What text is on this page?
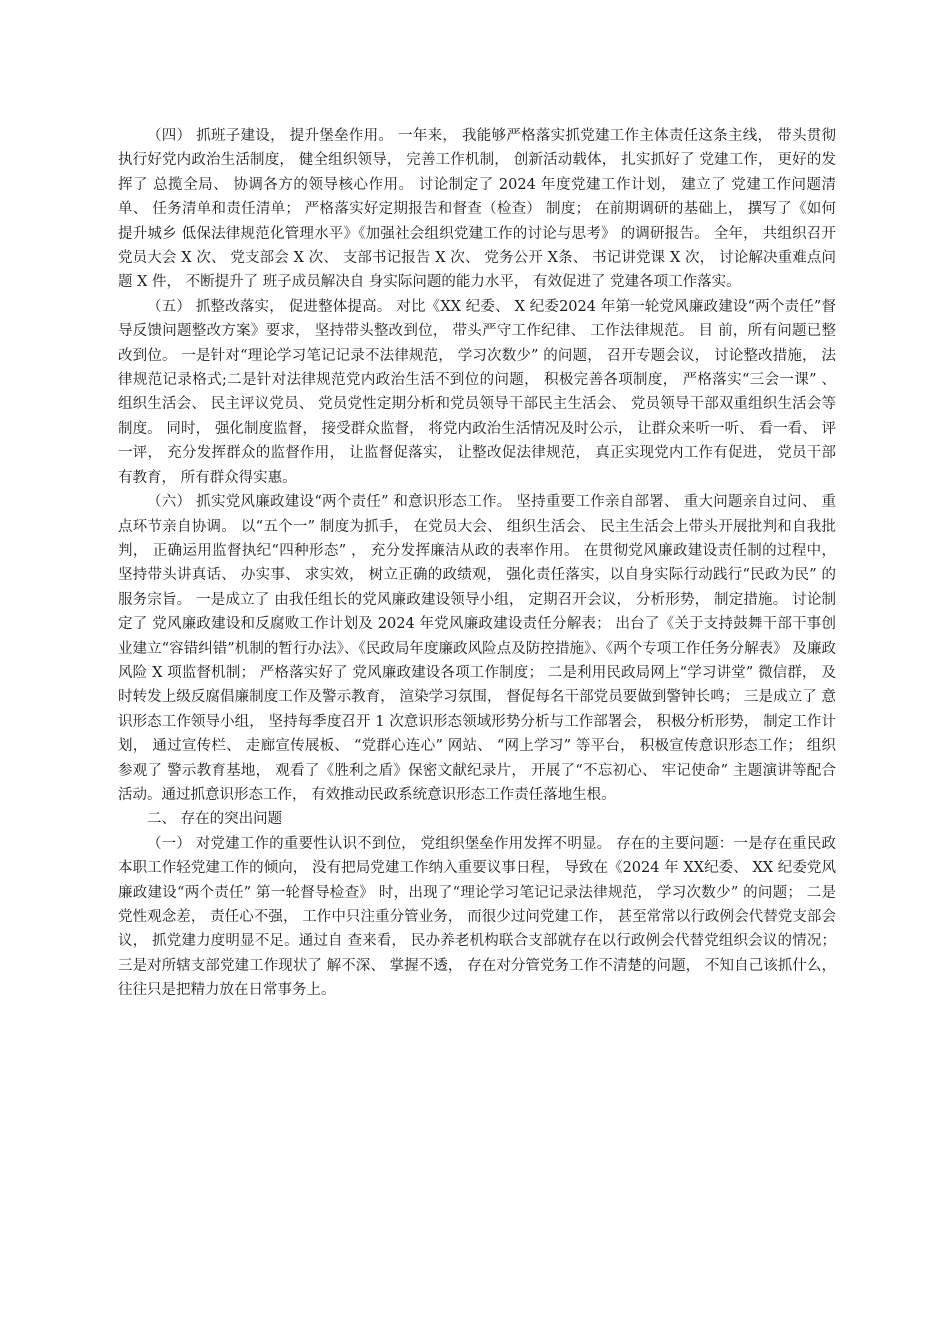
（四） 抓班子建设， 提升堡垒作用。 一年来， 我能够严格落实抓党建工作主体责任这条主线， 带头贯彻执行好党内政治生活制度， 健全组织领导， 完善工作机制， 创新活动载体， 扎实抓好了 党建工作， 更好的发挥了 总揽全局、 协调各方的领导核心作用。 讨论制定了 2024 年度党建工作计划， 建立了 党建工作问题清单、 任务清单和责任清单； 严格落实好定期报告和督查（检查） 制度； 在前期调研的基础上， 撰写了《如何提升城乡 低保法律规范化管理水平》《加强社会组织党建工作的讨论与思考》 的调研报告。 全年， 共组织召开党员大会 X 次、 党支部会 X 次、 支部书记报告 X 次、 党务公开 X条、 书记讲党课 X 次， 讨论解决重难点问题 X 件， 不断提升了 班子成员解决自 身实际问题的能力水平， 有效促进了 党建各项工作落实。

（五） 抓整改落实， 促进整体提高。 对比《XX 纪委、 X 纪委2024 年第一轮党风廉政建设“两个责任”督导反馈问题整改方案》要求， 坚持带头整改到位， 带头严守工作纪律、 工作法律规范。 目 前，所有问题已整改到位。 一是针对“理论学习笔记记录不法律规范， 学习次数少” 的问题， 召开专题会议， 讨论整改措施， 法律规范记录格式;二是针对法律规范党内政治生活不到位的问题， 积极完善各项制度， 严格落实“三会一课” 、 组织生活会、 民主评议党员、 党员党性定期分析和党员领导干部民主生活会、 党员领导干部双重组织生活会等制度。 同时， 强化制度监督， 接受群众监督， 将党内政治生活情况及时公示， 让群众来听一听、 看一看、 评一评， 充分发挥群众的监督作用， 让监督促落实， 让整改促法律规范， 真正实现党内工作有促进， 党员干部有教育， 所有群众得实惠。

（六） 抓实党风廉政建设“两个责任” 和意识形态工作。 坚持重要工作亲自部署、 重大问题亲自过问、 重点环节亲自协调。 以“五个一” 制度为抓手， 在党员大会、 组织生活会、 民主生活会上带头开展批判和自我批判， 正确运用监督执纪“四种形态” ， 充分发挥廉洁从政的表率作用。 在贯彻党风廉政建设责任制的过程中， 坚持带头讲真话、 办实事、 求实效， 树立正确的政绩观， 强化责任落实，以自身实际行动践行“民政为民” 的服务宗旨。 一是成立了 由我任组长的党风廉政建设领导小组， 定期召开会议， 分析形势， 制定措施。 讨论制定了 党风廉政建设和反腐败工作计划及 2024 年党风廉政建设责任分解表； 出台了《关于支持鼓舞干部干事创业建立“容错纠错”机制的暂行办法》、《民政局年度廉政风险点及防控措施》、《两个专项工作任务分解表》 及廉政风险 X 项监督机制； 严格落实好了 党风廉政建设各项工作制度； 二是利用民政局网上“学习讲堂” 微信群， 及时转发上级反腐倡廉制度工作及警示教育， 渲染学习氛围， 督促每名干部党员要做到警钟长鸣； 三是成立了 意识形态工作领导小组， 坚持每季度召开 1 次意识形态领域形势分析与工作部署会， 积极分析形势， 制定工作计划， 通过宣传栏、 走廊宣传展板、 “党群心连心” 网站、 “网上学习” 等平台， 积极宣传意识形态工作； 组织参观了 警示教育基地， 观看了《胜利之盾》保密文献纪录片， 开展了“不忘初心、 牢记使命” 主题演讲等配合活动。通过抓意识形态工作， 有效推动民政系统意识形态工作责任落地生根。

二、 存在的突出问题

（一） 对党建工作的重要性认识不到位， 党组织堡垒作用发挥不明显。 存在的主要问题：一是存在重民政本职工作轻党建工作的倾向， 没有把局党建工作纳入重要议事日程， 导致在《2024 年 XX纪委、 XX 纪委党风廉政建设“两个责任” 第一轮督导检查》 时，出现了“理论学习笔记记录法律规范， 学习次数少” 的问题； 二是党性观念差， 责任心不强， 工作中只注重分管业务， 而很少过问党建工作， 甚至常常以行政例会代替党支部会议， 抓党建力度明显不足。通过自 查来看， 民办养老机构联合支部就存在以行政例会代替党组织会议的情况； 三是对所辖支部党建工作现状了 解不深、 掌握不透， 存在对分管党务工作不清楚的问题， 不知自己该抓什么， 往往只是把精力放在日常事务上。
